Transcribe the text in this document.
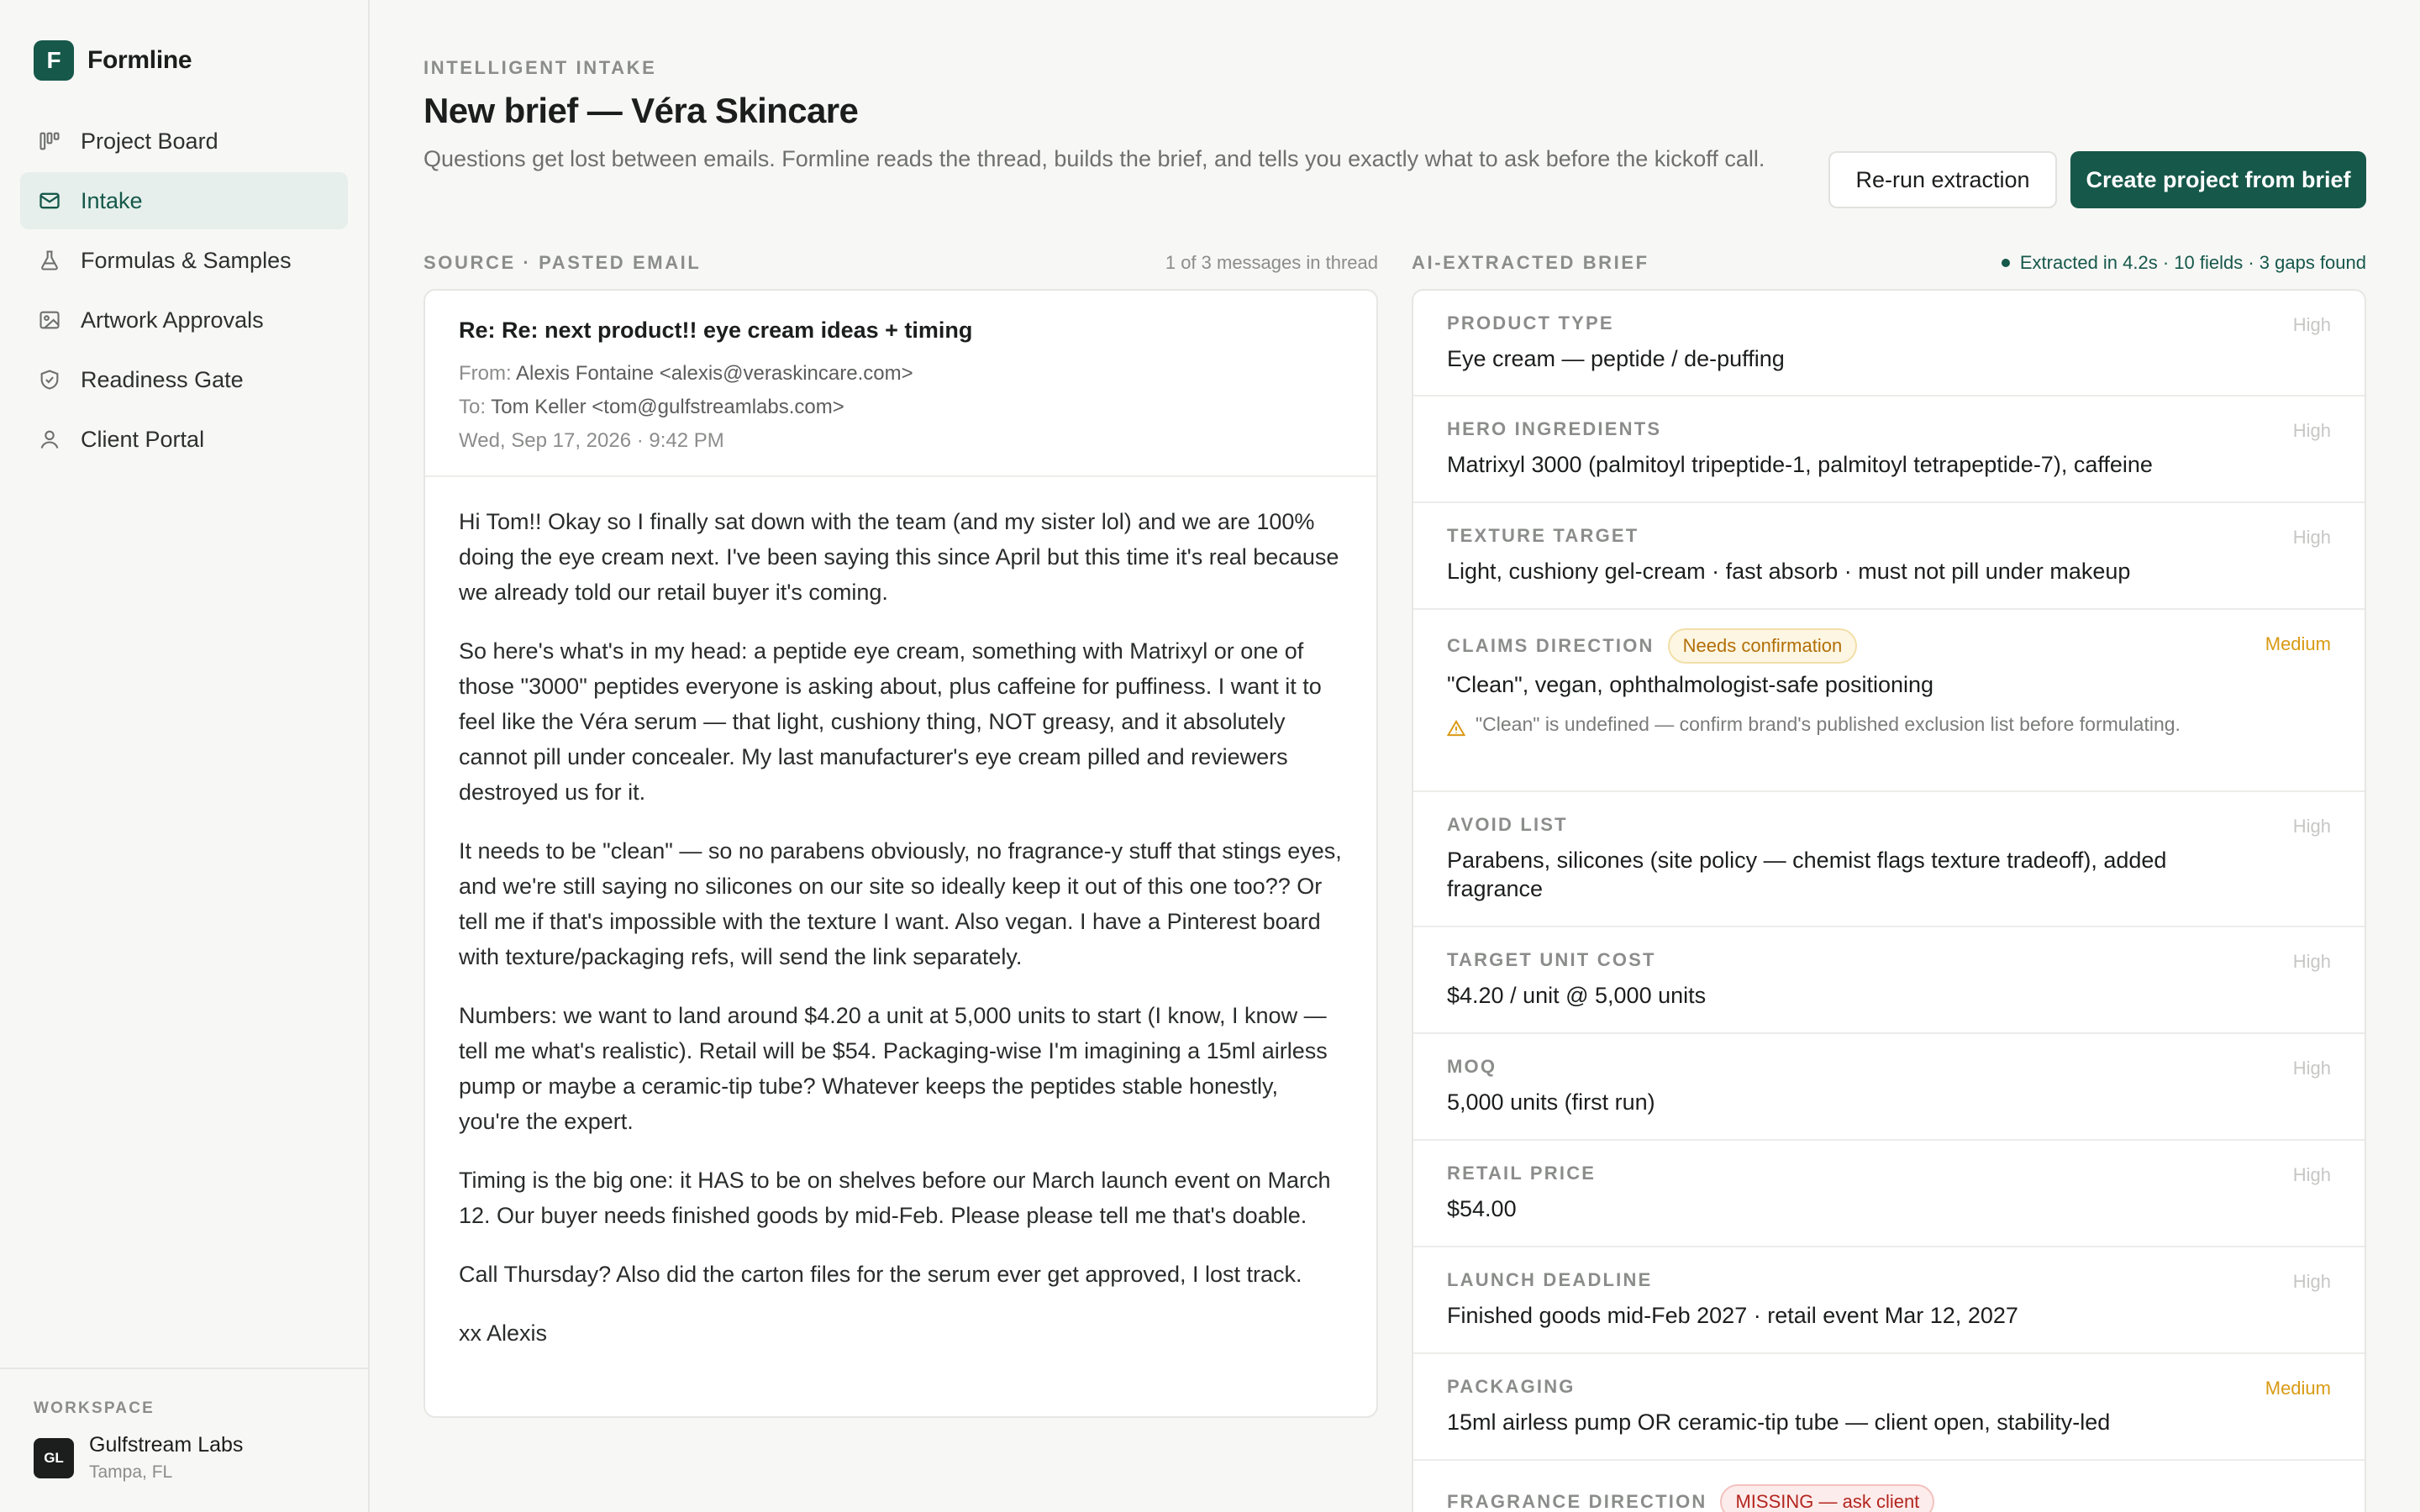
F	Formline
Project Board
Intake
Formulas & Samples
Artwork Approvals
Readiness Gate
Client Portal
WORKSPACE
GL
Gulfstream Labs
Tampa, FL
INTELLIGENT INTAKE
New brief — Véra Skincare

Questions get lost between emails. Formline reads the thread, builds the brief, and tells you exactly what to ask before the kickoff call.

Re-run extraction	Create project from brief
SOURCE · PASTED EMAIL	1 of 3 messages in thread
Re: Re: next product!! eye cream ideas + timing
From: Alexis Fontaine <alexis@veraskincare.com>
To: Tom Keller <tom@gulfstreamlabs.com>
Wed, Sep 17, 2026 · 9:42 PM

Hi Tom!! Okay so I finally sat down with the team (and my sister lol) and we are 100% doing the eye cream next. I've been saying this since April but this time it's real because we already told our retail buyer it's coming.

So here's what's in my head: a peptide eye cream, something with Matrixyl or one of those "3000" peptides everyone is asking about, plus caffeine for puffiness. I want it to feel like the Véra serum — that light, cushiony thing, NOT greasy, and it absolutely cannot pill under concealer. My last manufacturer's eye cream pilled and reviewers destroyed us for it.

It needs to be "clean" — so no parabens obviously, no fragrance-y stuff that stings eyes, and we're still saying no silicones on our site so ideally keep it out of this one too?? Or tell me if that's impossible with the texture I want. Also vegan. I have a Pinterest board with texture/packaging refs, will send the link separately.

Numbers: we want to land around $4.20 a unit at 5,000 units to start (I know, I know — tell me what's realistic). Retail will be $54. Packaging-wise I'm imagining a 15ml airless pump or maybe a ceramic-tip tube? Whatever keeps the peptides stable honestly, you're the expert.

Timing is the big one: it HAS to be on shelves before our March launch event on March 12. Our buyer needs finished goods by mid-Feb. Please please tell me that's doable.

Call Thursday? Also did the carton files for the serum ever get approved, I lost track.

xx Alexis

AI-EXTRACTED BRIEF	Extracted in 4.2s · 10 fields · 3 gaps found
PRODUCT TYPE
Eye cream — peptide / de-puffing
High
HERO INGREDIENTS
Matrixyl 3000 (palmitoyl tripeptide-1, palmitoyl tetrapeptide-7), caffeine
High
TEXTURE TARGET
Light, cushiony gel-cream · fast absorb · must not pill under makeup
High
CLAIMS DIRECTION	Needs confirmation
"Clean", vegan, ophthalmologist-safe positioning
"Clean" is undefined — confirm brand's published exclusion list before formulating.
Medium
AVOID LIST
Parabens, silicones (site policy — chemist flags texture tradeoff), added fragrance
High
TARGET UNIT COST
$4.20 / unit @ 5,000 units
High
MOQ
5,000 units (first run)
High
RETAIL PRICE
$54.00
High
LAUNCH DEADLINE
Finished goods mid-Feb 2027 · retail event Mar 12, 2027
High
PACKAGING
15ml airless pump OR ceramic-tip tube — client open, stability-led
Medium
FRAGRANCE DIRECTION	MISSING — ask client
